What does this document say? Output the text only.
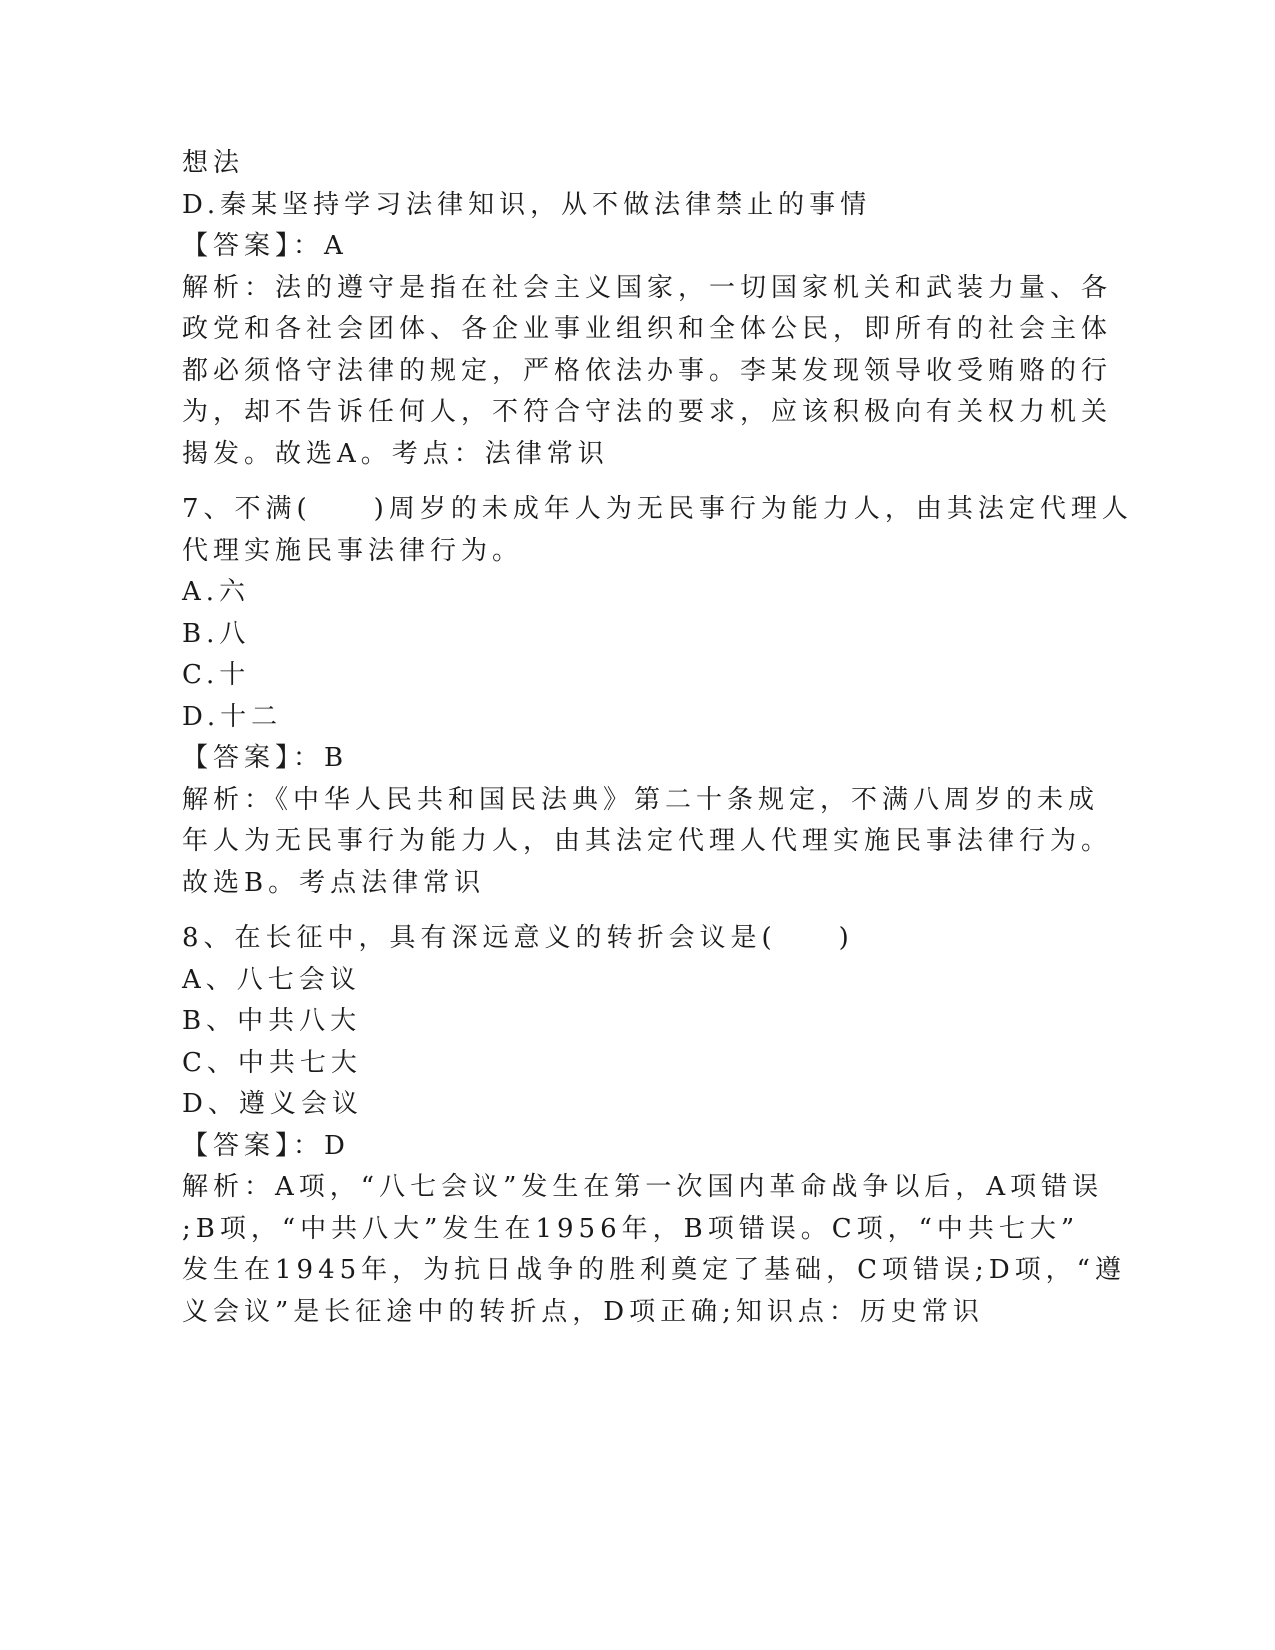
想法
D.秦某坚持学习法律知识，从不做法律禁止的事情
【答案】：A
解析：法的遵守是指在社会主义国家，一切国家机关和武装力量、各
政党和各社会团体、各企业事业组织和全体公民，即所有的社会主体
都必须恪守法律的规定，严格依法办事。李某发现领导收受贿赂的行
为，却不告诉任何人，不符合守法的要求，应该积极向有关权力机关
揭发。故选A。考点：法律常识
7、不满(　　)周岁的未成年人为无民事行为能力人，由其法定代理人
代理实施民事法律行为。
A.六
B.八
C.十
D.十二
【答案】：B
解析：《中华人民共和国民法典》第二十条规定，不满八周岁的未成
年人为无民事行为能力人，由其法定代理人代理实施民事法律行为。
故选B。考点法律常识
8、在长征中，具有深远意义的转折会议是(　　)
A、八七会议
B、中共八大
C、中共七大
D、遵义会议
【答案】：D
解析：A项，“八七会议”发生在第一次国内革命战争以后，A项错误
;B项，“中共八大”发生在1956年，B项错误。C项，“中共七大”
发生在1945年，为抗日战争的胜利奠定了基础，C项错误;D项，“遵
义会议”是长征途中的转折点，D项正确;知识点：历史常识
